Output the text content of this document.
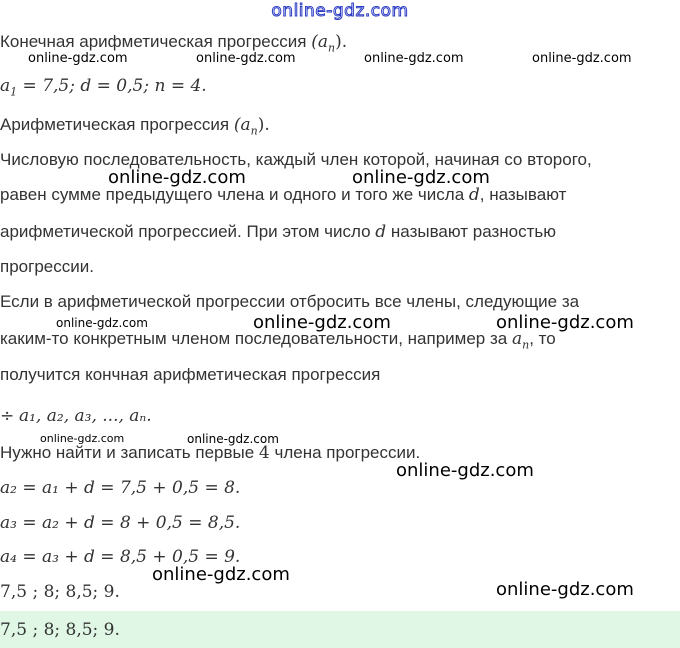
online-gdz.com
Конечная арифметическая прогрессия $(a_n)$.
$a_1 = 7,5$; d = 0,5; n = 4.
Арифметическая прогрессия $(a_n)$.
Числовую последовательность, каждый член которой, начиная со второго,
равен сумме предыдущего члена и одного и того же числа d, называют
арифметической прогрессией. При этом число d называют разностью
прогрессии.
Если в арифметической прогрессии отбросить все члены, следующие за
каким-то конкретным членом последовательности, например за $a_n$, то
получится кончная арифметическая прогрессия
÷ a₁, a₂, a₃, ..., aₙ.
Нужно найти и записать первые 4 члена прогрессии.
a₂ = a₁ + d = 7,5 + 0,5 = 8.
a₃ = a₂ + d = 8 + 0,5 = 8,5.
a₄ = a₃ + d = 8,5 + 0,5 = 9.
7,5 ; 8; 8,5; 9.
7,5 ; 8; 8,5; 9.
online-gdz.com	online-gdz.com	online-gdz.com	online-gdz.com
online-gdz.com	online-gdz.com
online-gdz.com	online-gdz.com	online-gdz.com
online-gdz.com	online-gdz.com
online-gdz.com
online-gdz.com
online-gdz.com
